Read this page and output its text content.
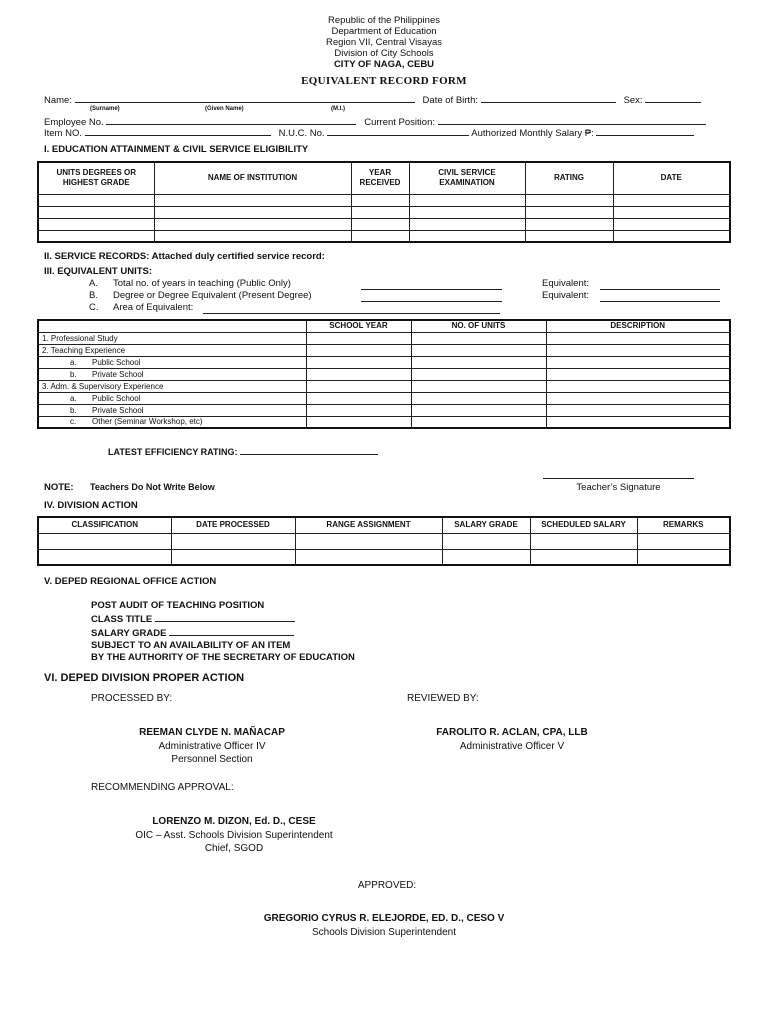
Republic of the Philippines
Department of Education
Region VII, Central Visayas
Division of City Schools
CITY OF NAGA, CEBU
EQUIVALENT RECORD FORM
Name:	Date of Birth:	Sex:
(Surname)	(Given Name)	(M.I.)
Employee No.	Current Position:
Item NO.	N.U.C. No.	Authorized Monthly Salary ₱:
I. EDUCATION ATTAINMENT & CIVIL SERVICE ELIGIBILITY
UNITS DEGREES OR HIGHEST GRADE	NAME OF INSTITUTION	YEAR RECEIVED	CIVIL SERVICE EXAMINATION	RATING	DATE

II. SERVICE RECORDS: Attached duly certified service record:
III. EQUIVALENT UNITS:
A. Total no. of years in teaching (Public Only)	Equivalent:
B. Degree or Degree Equivalent (Present Degree)	Equivalent:
C. Area of Equivalent:
	SCHOOL YEAR	NO. OF UNITS	DESCRIPTION
1. Professional Study			
2. Teaching Experience			
a. Public School			
b. Private School			
3. Adm. & Supervisory Experience			
a. Public School			
b. Private School			
c. Other (Seminar Workshop, etc)			
LATEST EFFICIENCY RATING:
NOTE: Teachers Do Not Write Below	Teacher’s Signature
IV. DIVISION ACTION
CLASSIFICATION	DATE PROCESSED	RANGE ASSIGNMENT	SALARY GRADE	SCHEDULED SALARY	REMARKS

V. DEPED REGIONAL OFFICE ACTION
POST AUDIT OF TEACHING POSITION
CLASS TITLE
SALARY GRADE
SUBJECT TO AN AVAILABILITY OF AN ITEM
BY THE AUTHORITY OF THE SECRETARY OF EDUCATION
VI. DEPED DIVISION PROPER ACTION
PROCESSED BY:	REVIEWED BY:
REEMAN CLYDE N. MAÑACAP
Administrative Officer IV
Personnel Section
FAROLITO R. ACLAN, CPA, LLB
Administrative Officer V
RECOMMENDING APPROVAL:
LORENZO M. DIZON, Ed. D., CESE
OIC – Asst. Schools Division Superintendent
Chief, SGOD
APPROVED:
GREGORIO CYRUS R. ELEJORDE, ED. D., CESO V
Schools Division Superintendent
